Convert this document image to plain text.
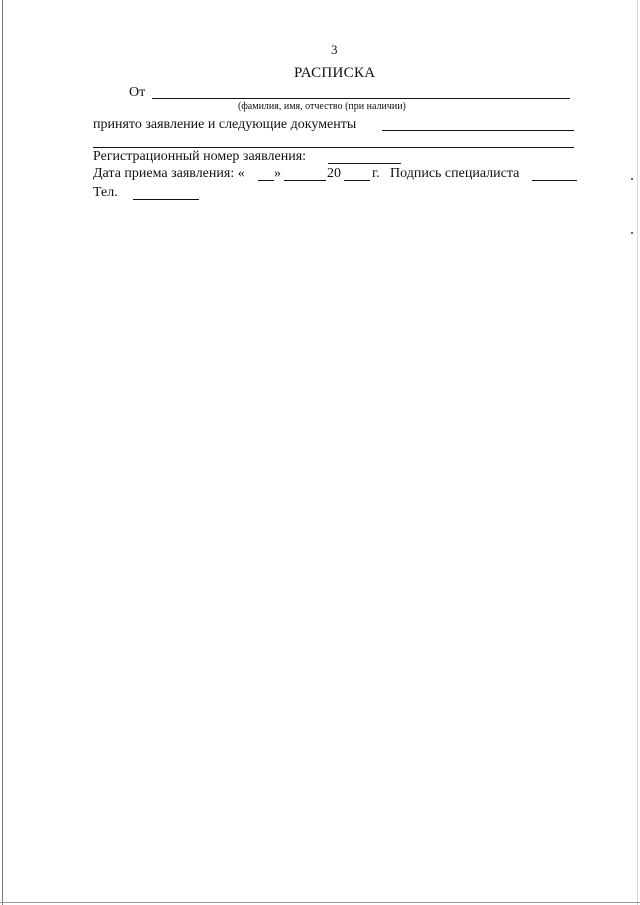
3
РАСПИСКА
От
(фамилия, имя, отчество (при наличии)
принято заявление и следующие документы
Регистрационный номер заявления:
Дата приема заявления: « »	20 г. Подпись специалиста
Тел.
